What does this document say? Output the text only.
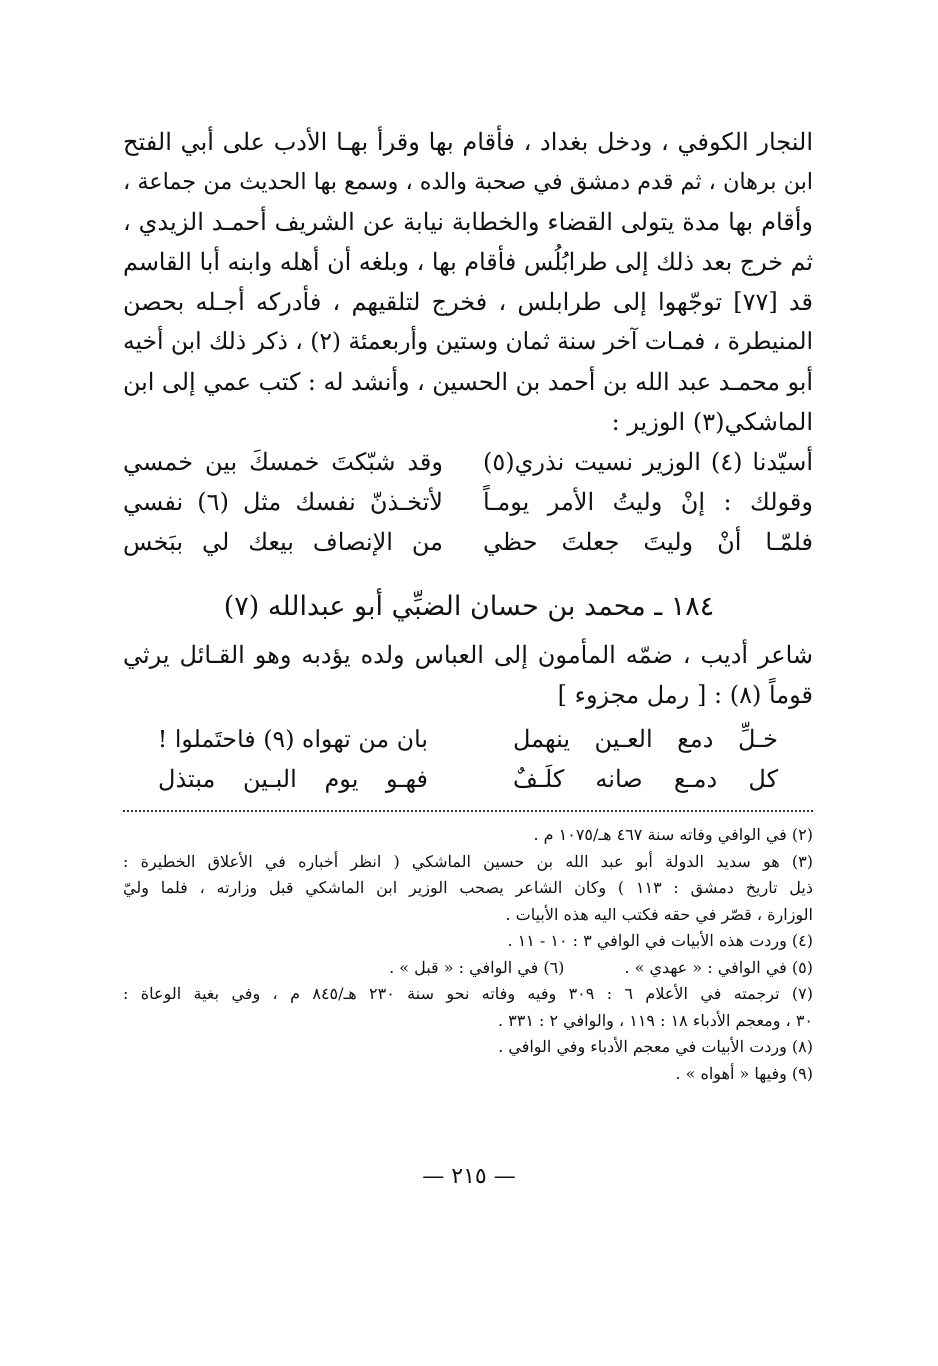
النجار الكوفي ، ودخل بغداد ، فأقام بها وقرأ بهـا الأدب على أبي الفتح
ابن برهان ، ثم قدم دمشق في صحبة والده ، وسمع بها الحديث من جماعة ،
وأقام بها مدة يتولى القضاء والخطابة نيابة عن الشريف أحمـد الزيدي ،
ثم خرج بعد ذلك إلى طرابُلُس فأقام بها ، وبلغه أن أهله وابنه أبا القاسم
قد [٧٧] توجّهوا إلى طرابلس ، فخرج لتلقيهم ، فأدركه أجـله بحصن
المنيطرة ، فمـات آخر سنة ثمان وستين وأربعمئة (٢) ، ذكر ذلك ابن أخيه
أبو محمـد عبد الله بن أحمد بن الحسين ، وأنشد له : كتب عمي إلى ابن
الماشكي(٣) الوزير :
أسيّدنا (٤) الوزير نسيت نذري(٥)
وقد شبّكتَ خمسكَ بين خمسي
وقولك : إنْ وليتُ الأمر يومـاً
لأتخـذنّ نفسك مثل (٦) نفسي
فلمّـا أنْ وليتَ جعلتَ حظي
من الإنصاف بيعك لي ببَخس
١٨٤ ـ محمد بن حسان الضبِّي أبو عبدالله (٧)
شاعر أديب ، ضمّه المأمون إلى العباس ولده يؤدبه وهو القـائل يرثي
قوماً (٨) : [ رمل مجزوء ]
خـلِّ دمع العـين ينهمل
بان من تهواه (٩) فاحتَملوا !
كل دمـع صانه كلَـفٌ
فهـو يوم البـين مبتذل
(٢) في الوافي وفاته سنة ٤٦٧ هـ/١٠٧٥ م .
(٣) هو سديد الدولة أبو عبد الله بن حسين الماشكي ( انظر أخباره في الأعلاق الخطيرة :
ذيل تاريخ دمشق : ١١٣ ) وكان الشاعر يصحب الوزير ابن الماشكي قبل وزارته ، فلما وليّ
الوزارة ، قصّر في حقه فكتب اليه هذه الأبيات .
(٤) وردت هذه الأبيات في الوافي ٣ : ١٠ - ١١ .
(٥) في الوافي : « عهدي » .
(٦) في الوافي : « قبل » .
(٧) ترجمته في الأعلام ٦ : ٣٠٩ وفيه وفاته نحو سنة ٢٣٠ هـ/٨٤٥ م ، وفي بغية الوعاة :
٣٠ ، ومعجم الأدباء ١٨ : ١١٩ ، والوافي ٢ : ٣٣١ .
(٨) وردت الأبيات في معجم الأدباء وفي الوافي .
(٩) وفيها « أهواه » .
— ٢١٥ —
